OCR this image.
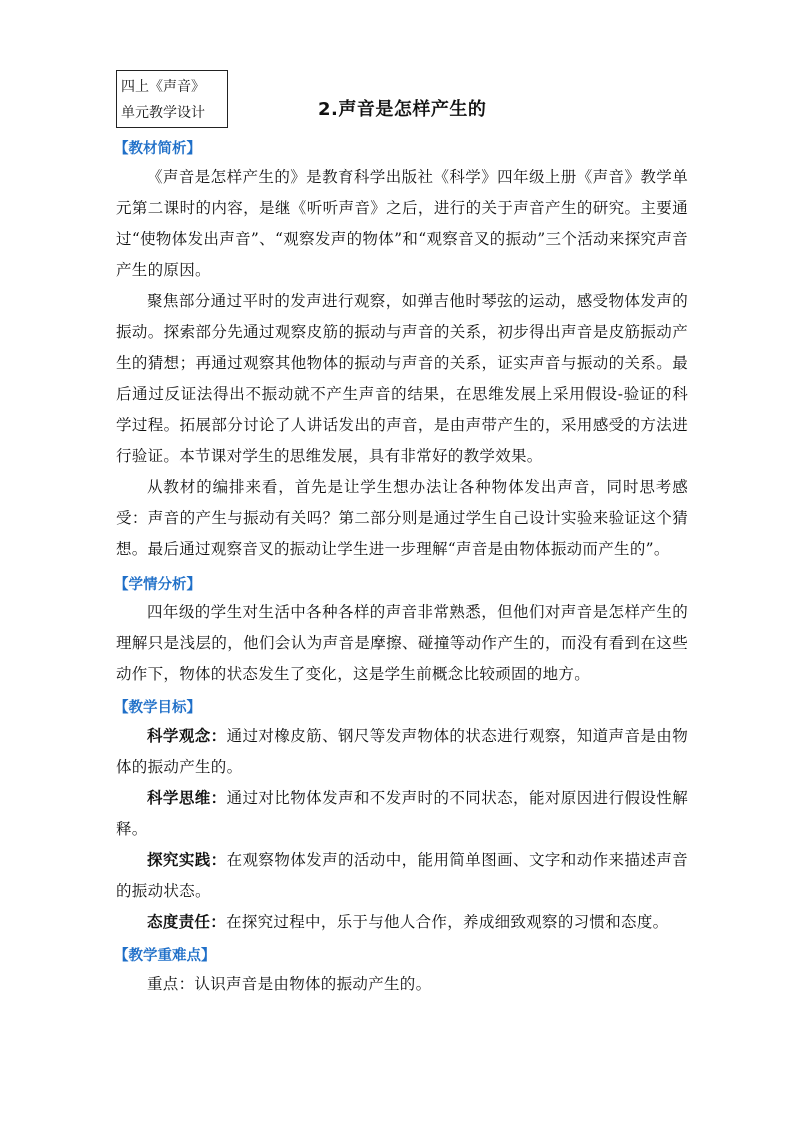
四上《声音》
单元教学设计	2.声音是怎样产生的
【教材简析】

《声音是怎样产生的》是教育科学出版社《科学》四年级上册《声音》教学单元第二课时的内容，是继《听听声音》之后，进行的关于声音产生的研究。主要通过“使物体发出声音”、“观察发声的物体”和“观察音叉的振动”三个活动来探究声音产生的原因。

聚焦部分通过平时的发声进行观察，如弹吉他时琴弦的运动，感受物体发声的振动。探索部分先通过观察皮筋的振动与声音的关系，初步得出声音是皮筋振动产生的猜想；再通过观察其他物体的振动与声音的关系，证实声音与振动的关系。最后通过反证法得出不振动就不产生声音的结果，在思维发展上采用假设-验证的科学过程。拓展部分讨论了人讲话发出的声音，是由声带产生的，采用感受的方法进行验证。本节课对学生的思维发展，具有非常好的教学效果。

从教材的编排来看，首先是让学生想办法让各种物体发出声音，同时思考感受：声音的产生与振动有关吗？第二部分则是通过学生自己设计实验来验证这个猜想。最后通过观察音叉的振动让学生进一步理解“声音是由物体振动而产生的”。

【学情分析】

四年级的学生对生活中各种各样的声音非常熟悉，但他们对声音是怎样产生的理解只是浅层的，他们会认为声音是摩擦、碰撞等动作产生的，而没有看到在这些动作下，物体的状态发生了变化，这是学生前概念比较顽固的地方。

【教学目标】

科学观念：通过对橡皮筋、钢尺等发声物体的状态进行观察，知道声音是由物体的振动产生的。

科学思维：通过对比物体发声和不发声时的不同状态，能对原因进行假设性解释。

探究实践：在观察物体发声的活动中，能用简单图画、文字和动作来描述声音的振动状态。

态度责任：在探究过程中，乐于与他人合作，养成细致观察的习惯和态度。

【教学重难点】

重点：认识声音是由物体的振动产生的。
